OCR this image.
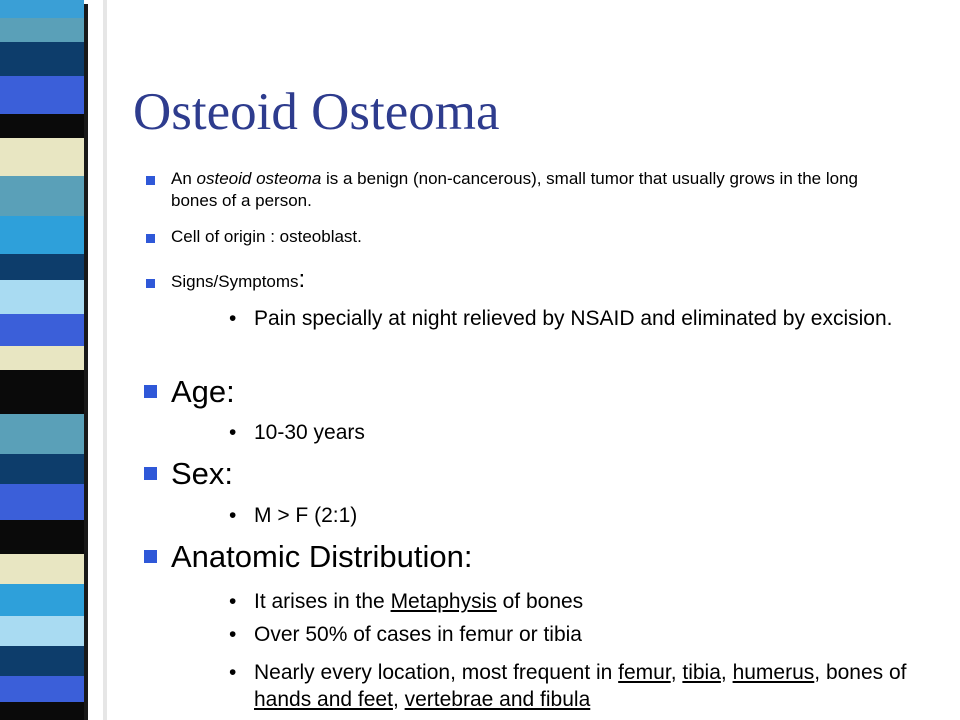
Osteoid Osteoma
An osteoid osteoma is a benign (non-cancerous), small tumor that usually grows in the long bones of a person.
Cell of origin : osteoblast.
Signs/Symptoms:
• Pain specially at night relieved by NSAID and eliminated by excision.
Age:
• 10-30 years
Sex:
• M > F (2:1)
Anatomic Distribution:
• It arises in the Metaphysis of bones
• Over 50% of cases in femur or tibia
• Nearly every location, most frequent in femur, tibia, humerus, bones of hands and feet, vertebrae and fibula
